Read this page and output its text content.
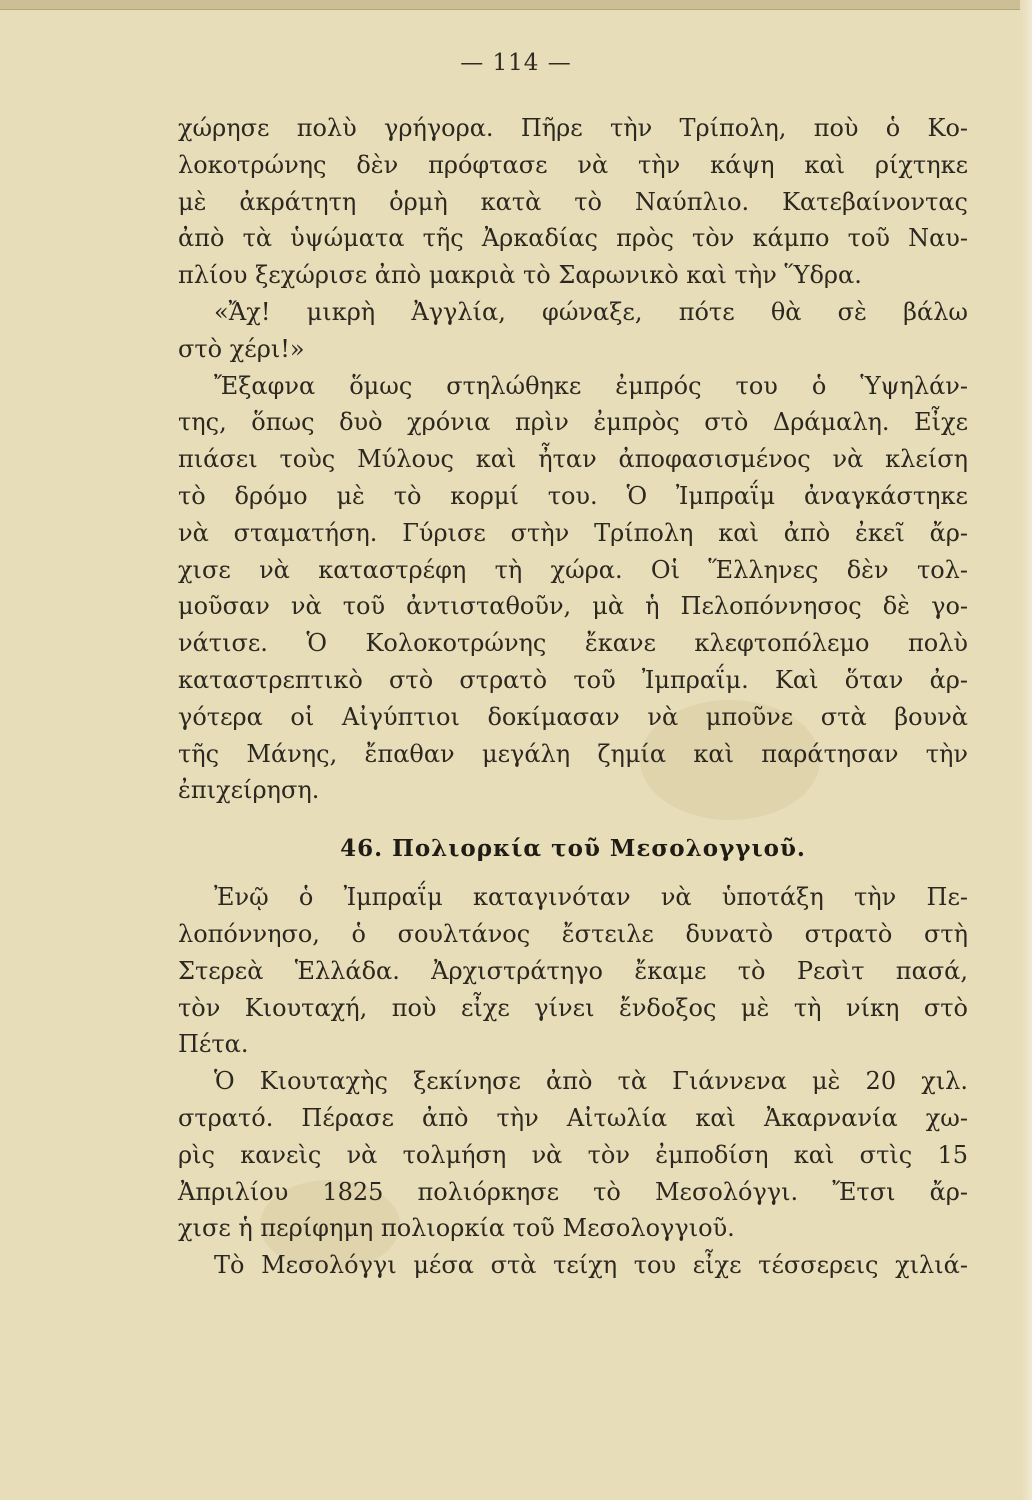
— 114 —
χώρησε πολὺ γρήγορα. Πῆρε τὴν Τρίπολη, ποὺ ὁ Κο-
λοκοτρώνης δὲν πρόφτασε νὰ τὴν κάψη καὶ ρίχτηκε
μὲ ἀκράτητη ὁρμὴ κατὰ τὸ Ναύπλιο. Κατεβαίνοντας
ἀπὸ τὰ ὑψώματα τῆς Ἀρκαδίας πρὸς τὸν κάμπο τοῦ Ναυ-
πλίου ξεχώρισε ἀπὸ μακριὰ τὸ Σαρωνικὸ καὶ τὴν Ὕδρα.
«Ἄχ! μικρὴ Ἀγγλία, φώναξε, πότε θὰ σὲ βάλω
στὸ χέρι!»
Ἔξαφνα ὅμως στηλώθηκε ἐμπρός του ὁ Ὑψηλάν-
της, ὅπως δυὸ χρόνια πρὶν ἐμπρὸς στὸ Δράμαλη. Εἶχε
πιάσει τοὺς Μύλους καὶ ἦταν ἀποφασισμένος νὰ κλείση
τὸ δρόμο μὲ τὸ κορμί του. Ὁ Ἰμπραΐμ ἀναγκάστηκε
νὰ σταματήση. Γύρισε στὴν Τρίπολη καὶ ἀπὸ ἐκεῖ ἄρ-
χισε νὰ καταστρέφη τὴ χώρα. Οἱ Ἕλληνες δὲν τολ-
μοῦσαν νὰ τοῦ ἀντισταθοῦν, μὰ ἡ Πελοπόννησος δὲ γο-
νάτισε. Ὁ Κολοκοτρώνης ἔκανε κλεφτοπόλεμο πολὺ
καταστρεπτικὸ στὸ στρατὸ τοῦ Ἰμπραΐμ. Καὶ ὅταν ἀρ-
γότερα οἱ Αἰγύπτιοι δοκίμασαν νὰ μποῦνε στὰ βουνὰ
τῆς Μάνης, ἔπαθαν μεγάλη ζημία καὶ παράτησαν τὴν
ἐπιχείρηση.
46. Πολιορκία τοῦ Μεσολογγιοῦ.
Ἐνῷ ὁ Ἰμπραΐμ καταγινόταν νὰ ὑποτάξη τὴν Πε-
λοπόννησο, ὁ σουλτάνος ἔστειλε δυνατὸ στρατὸ στὴ
Στερεὰ Ἑλλάδα. Ἀρχιστράτηγο ἔκαμε τὸ Ρεσὶτ πασά,
τὸν Κιουταχή, ποὺ εἶχε γίνει ἔνδοξος μὲ τὴ νίκη στὸ
Πέτα.
Ὁ Κιουταχὴς ξεκίνησε ἀπὸ τὰ Γιάννενα μὲ 20 χιλ.
στρατό. Πέρασε ἀπὸ τὴν Αἰτωλία καὶ Ἀκαρνανία χω-
ρὶς κανεὶς νὰ τολμήση νὰ τὸν ἐμποδίση καὶ στὶς 15
Ἀπριλίου 1825 πολιόρκησε τὸ Μεσολόγγι. Ἔτσι ἄρ-
χισε ἡ περίφημη πολιορκία τοῦ Μεσολογγιοῦ.
Τὸ Μεσολόγγι μέσα στὰ τείχη του εἶχε τέσσερεις χιλιά-
